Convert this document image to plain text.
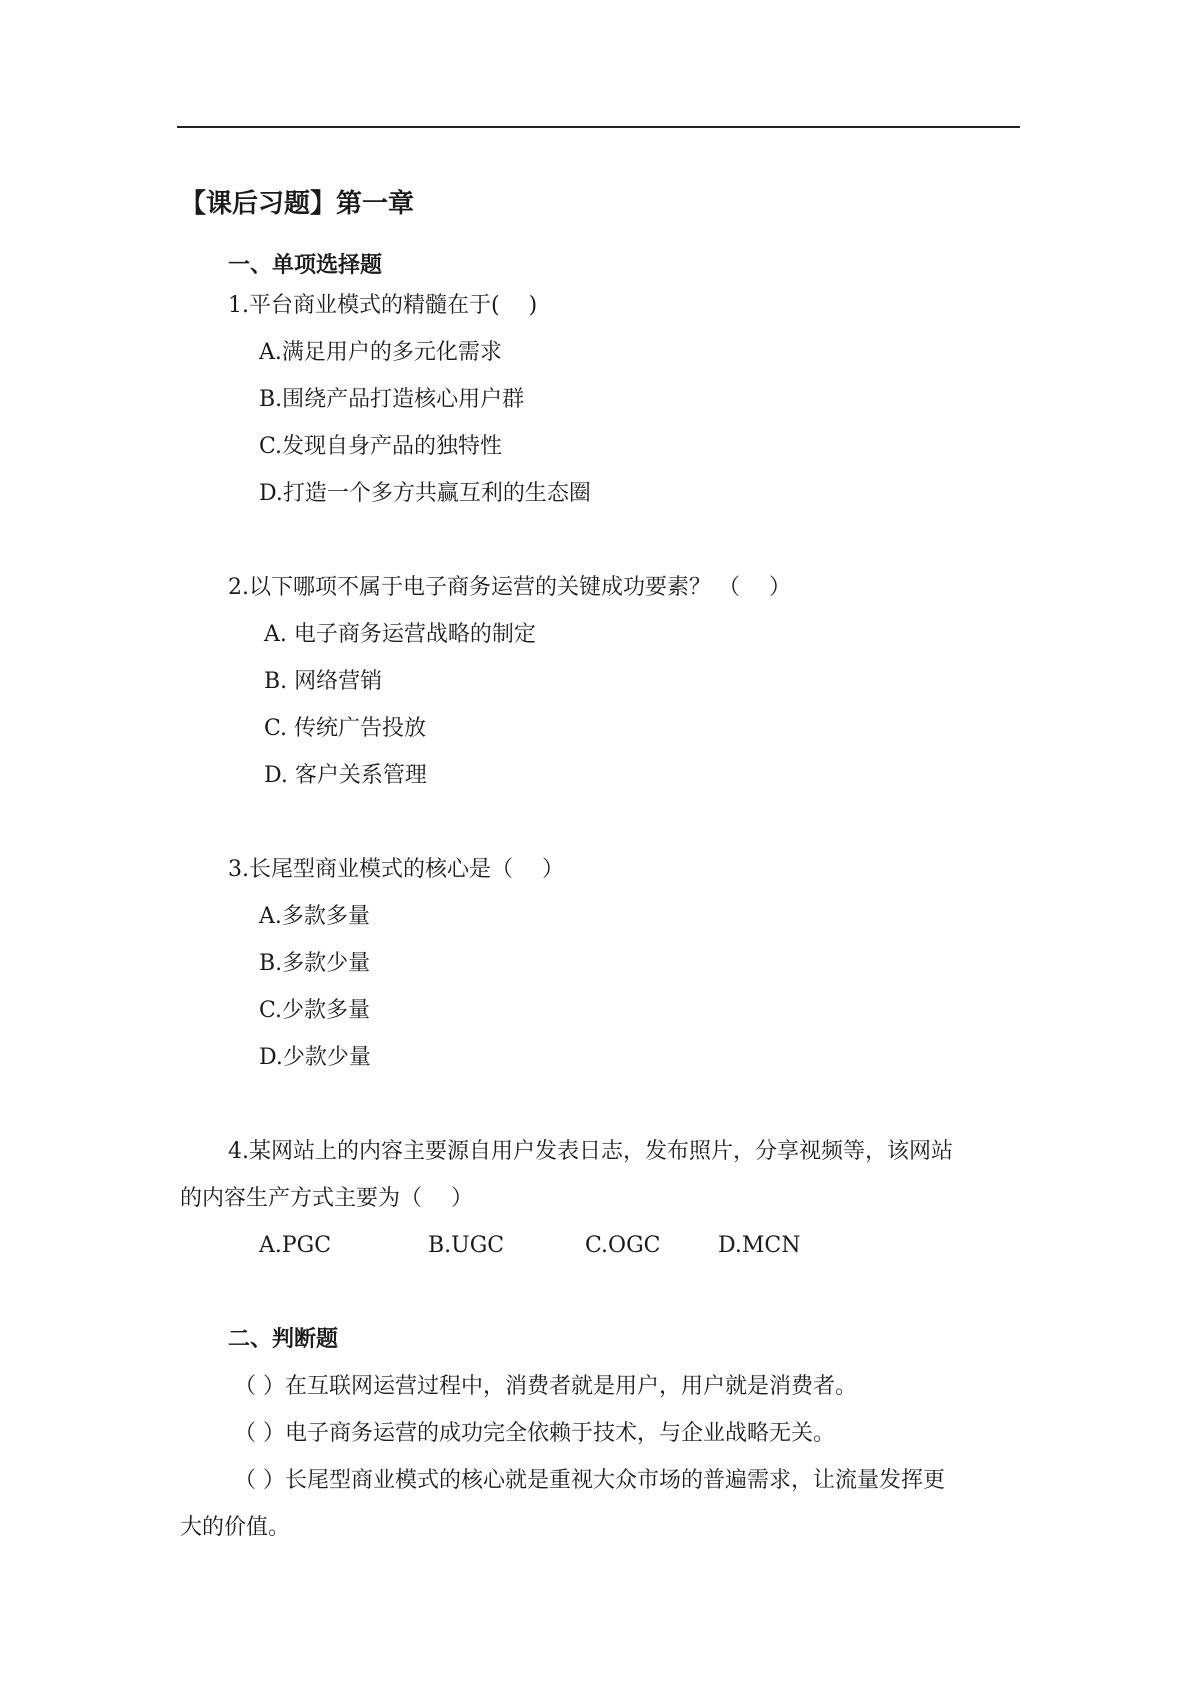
【课后习题】第一章
一、单项选择题
1.平台商业模式的精髓在于(　 )
A.满足用户的多元化需求
B.围绕产品打造核心用户群
C.发现自身产品的独特性
D.打造一个多方共赢互利的生态圈
2.以下哪项不属于电子商务运营的关键成功要素？ （　 ）
A. 电子商务运营战略的制定
B. 网络营销
C. 传统广告投放
D. 客户关系管理
3.长尾型商业模式的核心是（　 ）
A.多款多量
B.多款少量
C.少款多量
D.少款少量
4.某网站上的内容主要源自用户发表日志，发布照片，分享视频等，该网站
的内容生产方式主要为（　 ）
A.PGC	B.UGC	C.OGC	D.MCN
二、判断题
（ ）在互联网运营过程中，消费者就是用户，用户就是消费者。
（ ）电子商务运营的成功完全依赖于技术，与企业战略无关。
（ ）长尾型商业模式的核心就是重视大众市场的普遍需求，让流量发挥更
大的价值。
